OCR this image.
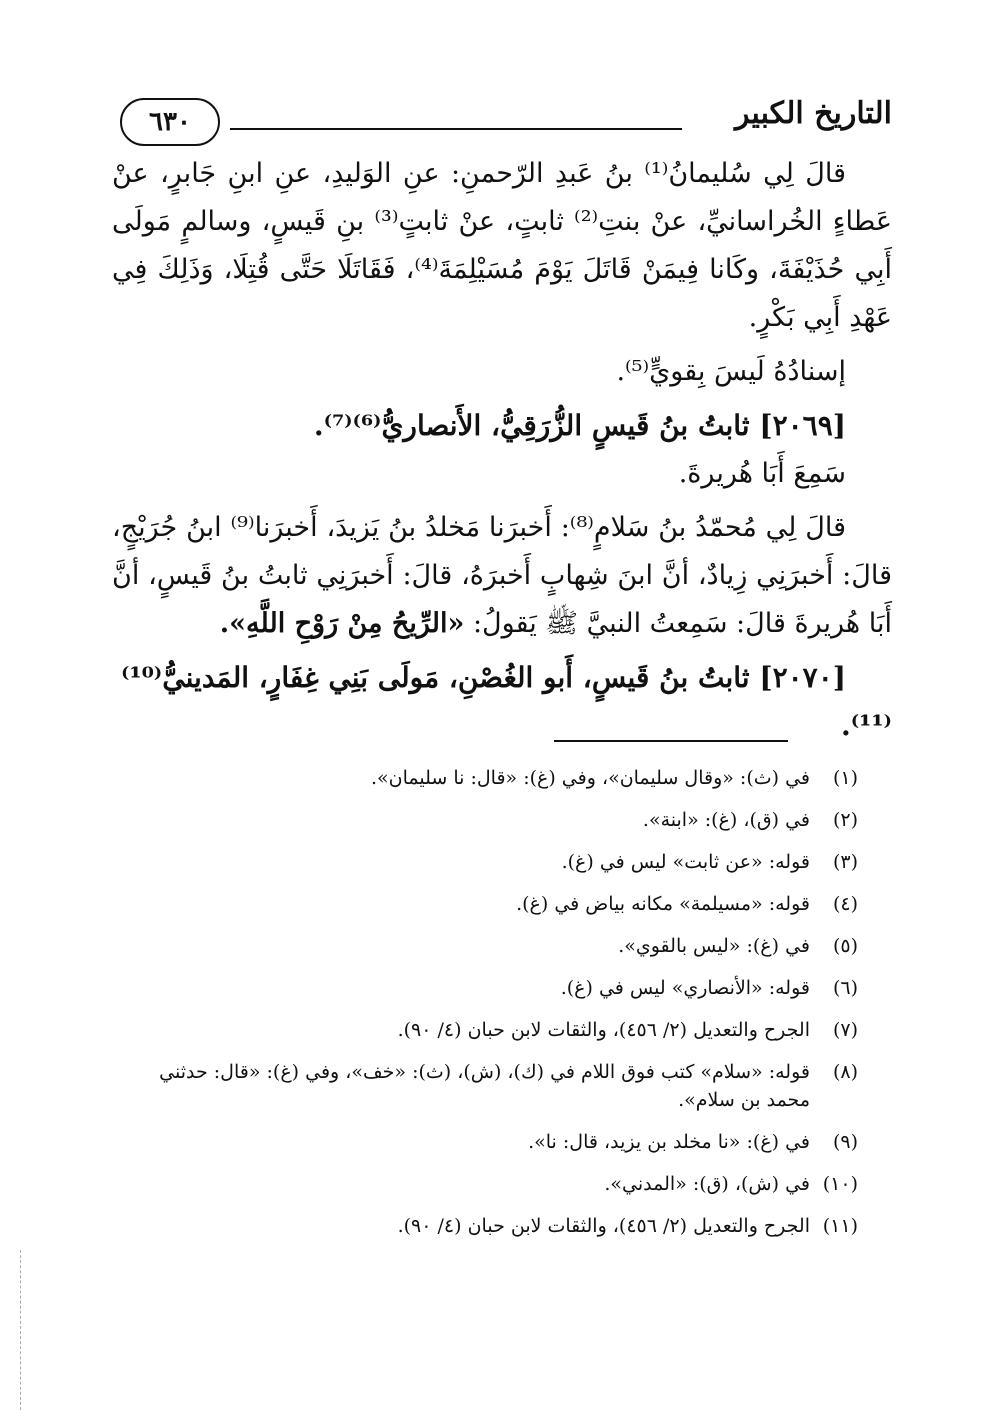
٦٣٠	التاريخ الكبير

قالَ لِي سُليمانُ⁽¹⁾ بنُ عَبدِ الرّحمنِ: عنِ الوَليدِ، عنِ ابنِ جَابرٍ، عنْ عَطاءٍ الخُراسانيِّ، عنْ بنتِ⁽²⁾ ثابتٍ، عنْ ثابتٍ⁽³⁾ بنِ قَيسٍ، وسالمٍ مَولَى أَبِي حُذَيْفَةَ، وكَانا فِيمَنْ قَاتَلَ يَوْمَ مُسَيْلِمَةَ⁽⁴⁾، فَقَاتَلَا حَتَّى قُتِلَا، وَذَلِكَ فِي عَهْدِ أَبِي بَكْرٍ.

إسنادُهُ لَيسَ بِقويٍّ⁽⁵⁾.

[٢٠٦٩] ثابتُ بنُ قَيسٍ الزُّرَقِيُّ، الأَنصاريُّ⁽⁶⁾⁽⁷⁾.

سَمِعَ أَبَا هُريرةَ.

قالَ لِي مُحمّدُ بنُ سَلامٍ⁽⁸⁾: أَخبرَنا مَخلدُ بنُ يَزيدَ، أَخبرَنا⁽⁹⁾ ابنُ جُرَيْجٍ، قالَ: أَخبرَنِي زِيادٌ، أنَّ ابنَ شِهابٍ أَخبرَهُ، قالَ: أَخبرَنِي ثابتُ بنُ قَيسٍ، أنَّ أَبَا هُريرةَ قالَ: سَمِعتُ النبيَّ ﷺ يَقولُ: «الرِّيحُ مِنْ رَوْحِ اللَّهِ».

[٢٠٧٠] ثابتُ بنُ قَيسٍ، أَبو الغُصْنِ، مَولَى بَنِي غِفَارٍ، المَدينيُّ⁽¹⁰⁾⁽¹¹⁾.

(١)
في (ث): «وقال سليمان»، وفي (غ): «قال: نا سليمان».
(٢)
في (ق)، (غ): «ابنة».
(٣)
قوله: «عن ثابت» ليس في (غ).
(٤)
قوله: «مسيلمة» مكانه بياض في (غ).
(٥)
في (غ): «ليس بالقوي».
(٦)
قوله: «الأنصاري» ليس في (غ).
(٧)
الجرح والتعديل (٢/ ٤٥٦)، والثقات لابن حبان (٤/ ٩٠).
(٨)
قوله: «سلام» كتب فوق اللام في (ك)، (ش)، (ث): «خف»، وفي (غ): «قال: حدثني محمد بن سلام».
(٩)
في (غ): «نا مخلد بن يزيد، قال: نا».
(١٠)
في (ش)، (ق): «المدني».
(١١)
الجرح والتعديل (٢/ ٤٥٦)، والثقات لابن حبان (٤/ ٩٠).
